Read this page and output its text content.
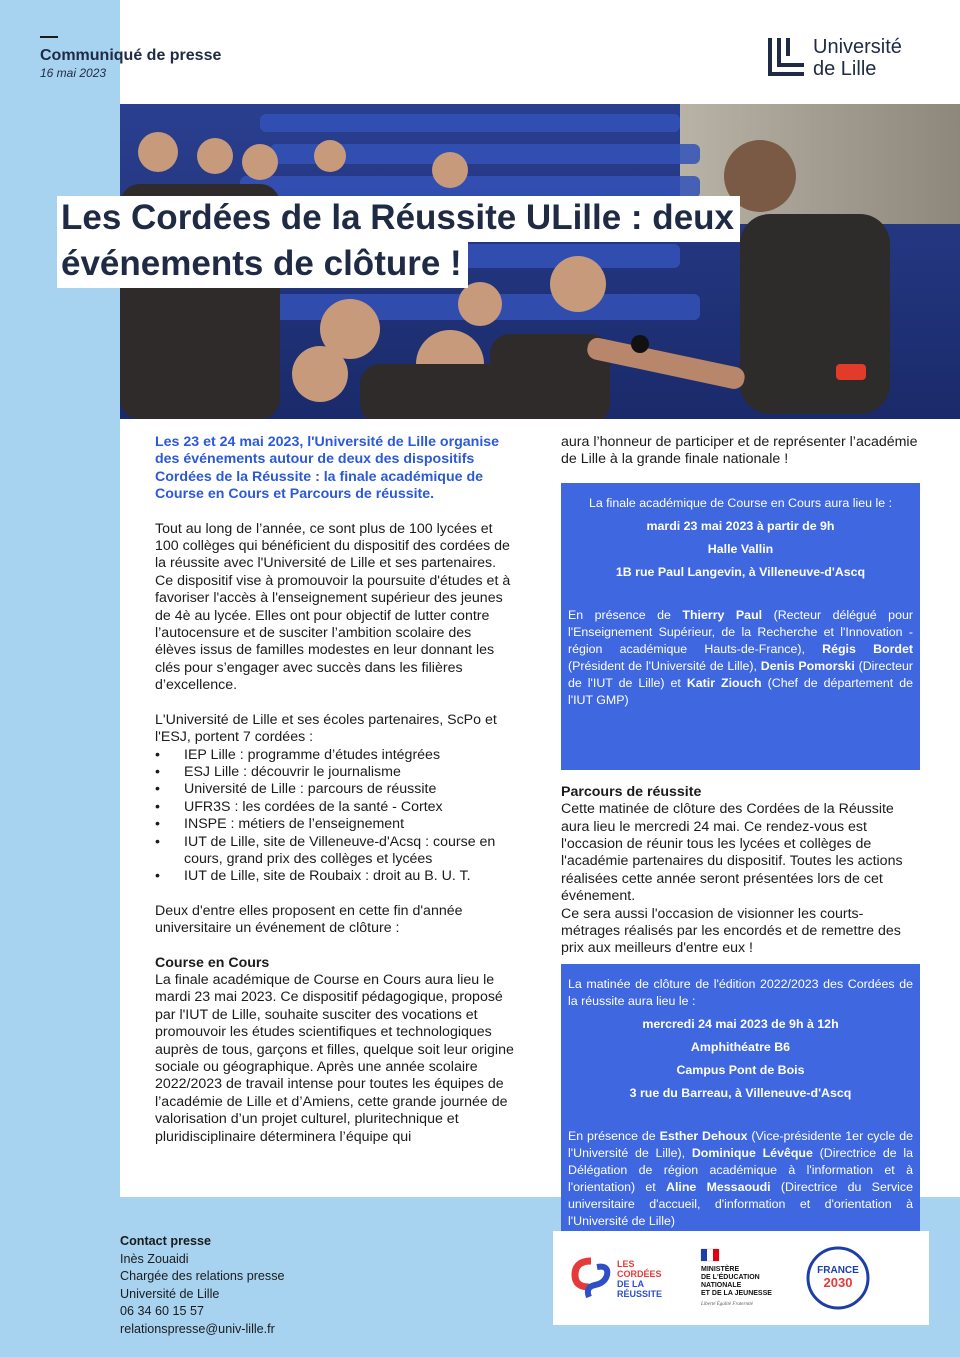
Communiqué de presse
16 mai 2023
Université
de Lille
Les Cordées de la Réussite ULille : deux
événements de clôture !

Les 23 et 24 mai 2023, l'Université de Lille organise des événements autour de deux des dispositifs Cordées de la Réussite : la finale académique de Course en Cours et Parcours de réussite.

Tout au long de l’année, ce sont plus de 100 lycées et 100 collèges qui bénéficient du dispositif des cordées de la réussite avec l'Université de Lille et ses partenaires. Ce dispositif vise à promouvoir la poursuite d'études et à favoriser l'accès à l'enseignement supérieur des jeunes de 4è au lycée. Elles ont pour objectif de lutter contre l’autocensure et de susciter l’ambition scolaire des élèves issus de familles modestes en leur donnant les clés pour s’engager avec succès dans les filières d’excellence.

L'Université de Lille et ses écoles partenaires, ScPo et l'ESJ, portent 7 cordées :

• IEP Lille : programme d’études intégrées
• ESJ Lille : découvrir le journalisme
• Université de Lille : parcours de réussite
• UFR3S : les cordées de la santé - Cortex
• INSPE : métiers de l’enseignement
• IUT de Lille, site de Villeneuve-d'Acsq : course en cours, grand prix des collèges et lycées
• IUT de Lille, site de Roubaix : droit au B. U. T.

Deux d'entre elles proposent en cette fin d'année universitaire un événement de clôture :

Course en Cours
La finale académique de Course en Cours aura lieu le mardi 23 mai 2023. Ce dispositif pédagogique, proposé par l'IUT de Lille, souhaite susciter des vocations et promouvoir les études scientifiques et technologiques auprès de tous, garçons et filles, quelque soit leur origine sociale ou géographique. Après une année scolaire 2022/2023 de travail intense pour toutes les équipes de l’académie de Lille et d’Amiens, cette grande journée de valorisation d’un projet culturel, pluritechnique et pluridisciplinaire déterminera l’équipe qui
aura l’honneur de participer et de représenter l’académie de Lille à la grande finale nationale !
La finale académique de Course en Cours aura lieu le :
mardi 23 mai 2023 à partir de 9h
Halle Vallin
1B rue Paul Langevin, à Villeneuve-d'Ascq
En présence de Thierry Paul (Recteur délégué pour l'Enseignement Supérieur, de la Recherche et l'Innovation - région académique Hauts-de-France), Régis Bordet (Président de l'Université de Lille), Denis Pomorski (Directeur de l'IUT de Lille) et Katir Ziouch (Chef de département de l'IUT GMP)
Parcours de réussite
Cette matinée de clôture des Cordées de la Réussite aura lieu le mercredi 24 mai. Ce rendez-vous est l'occasion de réunir tous les lycées et collèges de l'académie partenaires du dispositif. Toutes les actions réalisées cette année seront présentées lors de cet événement.
Ce sera aussi l'occasion de visionner les courts-métrages réalisés par les encordés et de remettre des prix aux meilleurs d'entre eux !
La matinée de clôture de l'édition 2022/2023 des Cordées de la réussite aura lieu le :
mercredi 24 mai 2023 de 9h à 12h
Amphithéatre B6
Campus Pont de Bois
3 rue du Barreau, à Villeneuve-d'Ascq
En présence de Esther Dehoux (Vice-présidente 1er cycle de l'Université de Lille), Dominique Lévêque (Directrice de la Délégation de région académique à l'information et à l'orientation) et Aline Messaoudi (Directrice du Service universitaire d'accueil, d'information et d'orientation à l'Université de Lille)
Contact presse
Inès Zouaidi
Chargée des relations presse
Université de Lille
06 34 60 15 57
relationspresse@univ-lille.fr
LES
CORDÉES
DE LA
RÉUSSITE
MINISTÈRE
DE L'ÉDUCATION
NATIONALE
ET DE LA JEUNESSE
Liberté Égalité Fraternité
FRANCE
2030
